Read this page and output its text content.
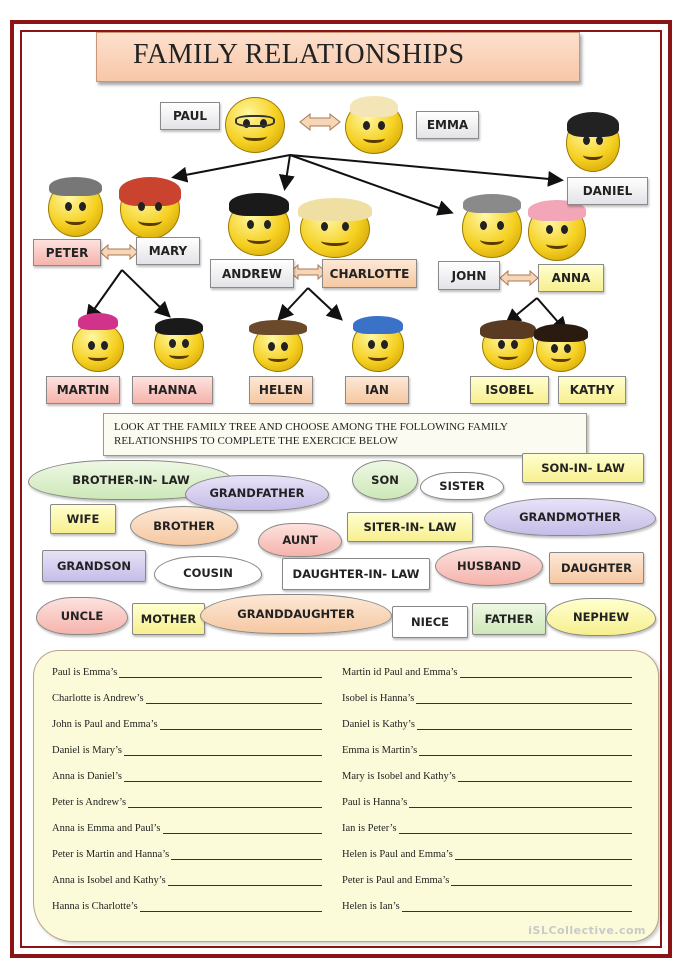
FAMILY RELATIONSHIPS
PAUL
EMMA
DANIEL
PETER	MARY
ANDREW	CHARLOTTE	JOHN	ANNA
MARTIN	HANNA	HELEN	IAN	ISOBEL	KATHY
LOOK AT THE FAMILY TREE AND CHOOSE AMONG THE FOLLOWING FAMILY RELATIONSHIPS TO COMPLETE THE EXERCICE BELOW
BROTHER-IN- LAW
GRANDFATHER
SON	SISTER
SON-IN- LAW
WIFE	BROTHER
AUNT
SITER-IN- LAW
GRANDMOTHER
GRANDSON	COUSIN	DAUGHTER-IN- LAW
HUSBAND	DAUGHTER
UNCLE	MOTHER	GRANDDAUGHTER
NIECE	FATHER	NEPHEW
Paul is Emma’s
Charlotte is Andrew’s
John is Paul and Emma’s
Daniel is Mary’s
Anna is Daniel’s
Peter is Andrew’s
Anna is Emma and Paul’s
Peter is Martin and Hanna’s
Anna is Isobel and Kathy’s
Hanna is Charlotte’s
Martin id Paul and Emma’s
Isobel is Hanna’s
Daniel is Kathy’s
Emma is Martin’s
Mary is Isobel and Kathy’s
Paul is Hanna’s
Ian is Peter’s
Helen is Paul and Emma’s
Peter is Paul and Emma’s
Helen is Ian’s
iSLCollective.com
